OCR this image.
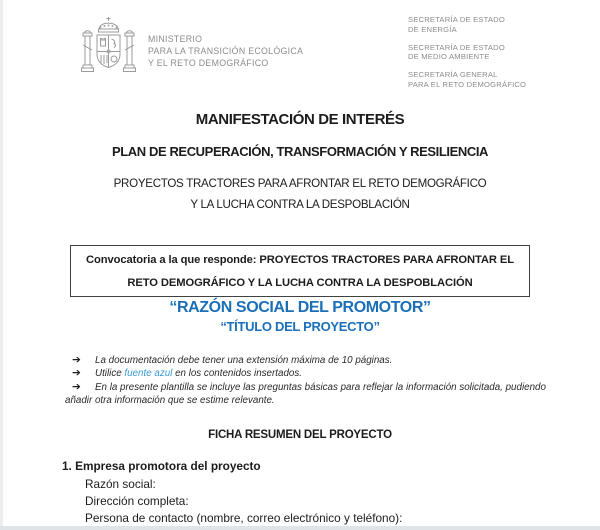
MINISTERIO
PARA LA TRANSICIÓN ECOLÓGICA
Y EL RETO DEMOGRÁFICO
SECRETARÍA DE ESTADO
DE ENERGÍA
SECRETARÍA DE ESTADO
DE MEDIO AMBIENTE
SECRETARÍA GENERAL
PARA EL RETO DEMOGRÁFICO
MANIFESTACIÓN DE INTERÉS
PLAN DE RECUPERACIÓN, TRANSFORMACIÓN Y RESILIENCIA
PROYECTOS TRACTORES PARA AFRONTAR EL RETO DEMOGRÁFICO
Y LA LUCHA CONTRA LA DESPOBLACIÓN
Convocatoria a la que responde: PROYECTOS TRACTORES PARA AFRONTAR EL
RETO DEMOGRÁFICO Y LA LUCHA CONTRA LA DESPOBLACIÓN
“RAZÓN SOCIAL DEL PROMOTOR”
“TÍTULO DEL PROYECTO”

➔ La documentación debe tener una extensión máxima de 10 páginas.

➔ Utilice fuente azul en los contenidos insertados.

➔ En la presente plantilla se incluye las preguntas básicas para reflejar la información solicitada, pudiendo añadir otra información que se estime relevante.

FICHA RESUMEN DEL PROYECTO
1. Empresa promotora del proyecto
Razón social:
Dirección completa:
Persona de contacto (nombre, correo electrónico y teléfono):
